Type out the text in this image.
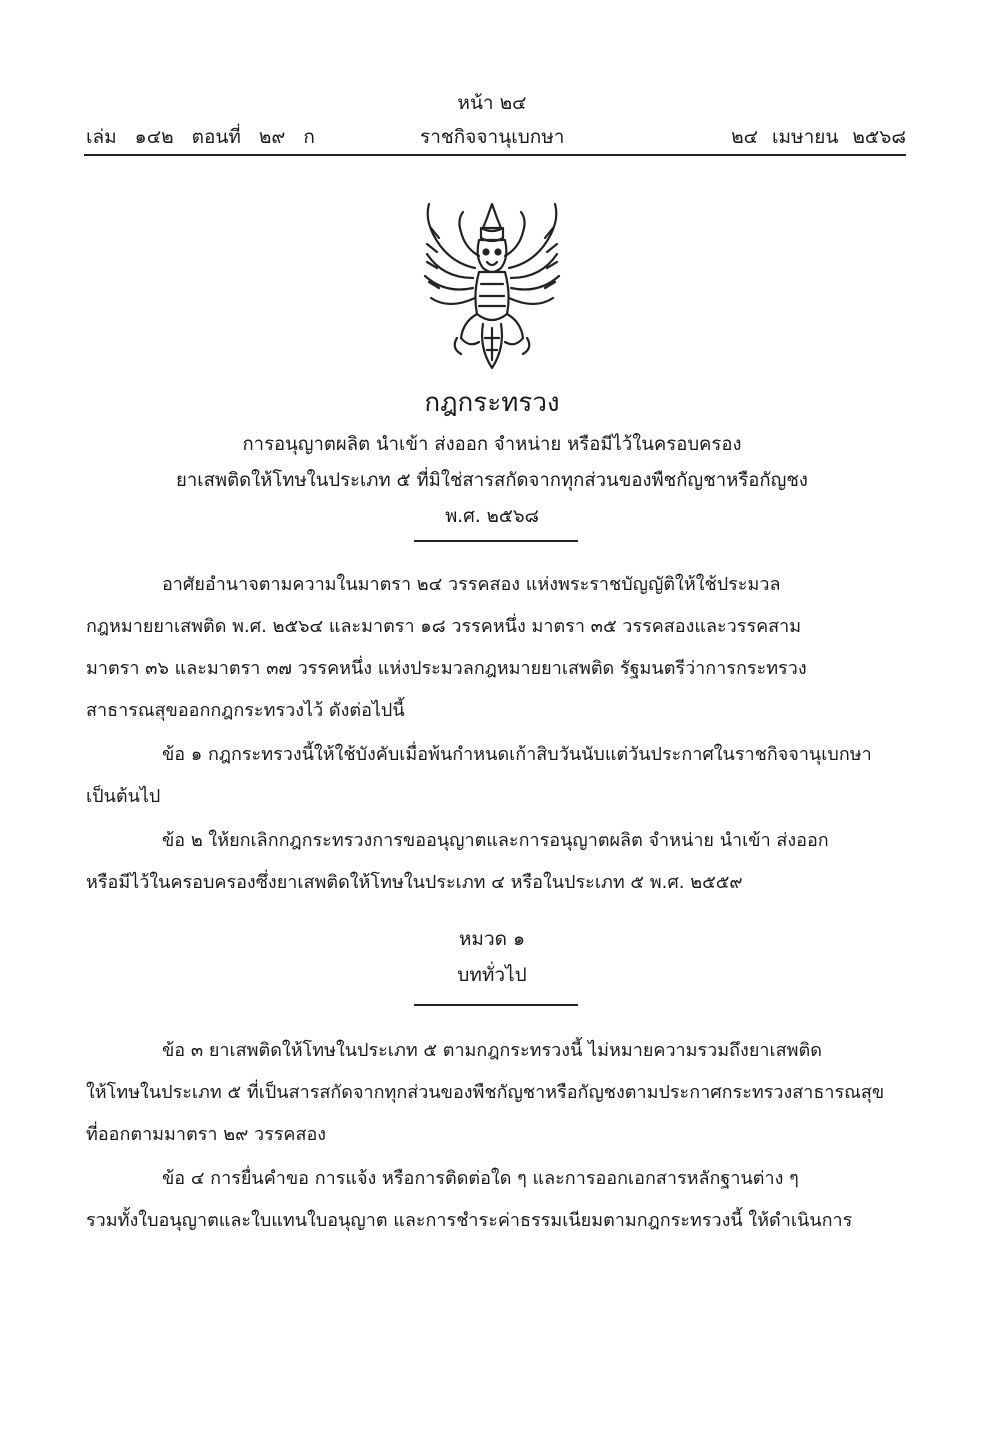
หน้า ๒๔
เล่ม ๑๔๒ ตอนที่ ๒๙ ก	ราชกิจจานุเบกษา	๒๔ เมษายน ๒๕๖๘
กฎกระทรวง
การอนุญาตผลิต นำเข้า ส่งออก จำหน่าย หรือมีไว้ในครอบครอง
ยาเสพติดให้โทษในประเภท ๕ ที่มิใช่สารสกัดจากทุกส่วนของพืชกัญชาหรือกัญชง
พ.ศ. ๒๕๖๘
อาศัยอำนาจตามความในมาตรา ๒๔ วรรคสอง แห่งพระราชบัญญัติให้ใช้ประมวล
กฎหมายยาเสพติด พ.ศ. ๒๕๖๔ และมาตรา ๑๘ วรรคหนึ่ง มาตรา ๓๕ วรรคสองและวรรคสาม
มาตรา ๓๖ และมาตรา ๓๗ วรรคหนึ่ง แห่งประมวลกฎหมายยาเสพติด รัฐมนตรีว่าการกระทรวง
สาธารณสุขออกกฎกระทรวงไว้ ดังต่อไปนี้
ข้อ ๑ กฎกระทรวงนี้ให้ใช้บังคับเมื่อพ้นกำหนดเก้าสิบวันนับแต่วันประกาศในราชกิจจานุเบกษา
เป็นต้นไป
ข้อ ๒ ให้ยกเลิกกฎกระทรวงการขออนุญาตและการอนุญาตผลิต จำหน่าย นำเข้า ส่งออก
หรือมีไว้ในครอบครองซึ่งยาเสพติดให้โทษในประเภท ๔ หรือในประเภท ๕ พ.ศ. ๒๕๕๙
หมวด ๑
บททั่วไป
ข้อ ๓ ยาเสพติดให้โทษในประเภท ๕ ตามกฎกระทรวงนี้ ไม่หมายความรวมถึงยาเสพติด
ให้โทษในประเภท ๕ ที่เป็นสารสกัดจากทุกส่วนของพืชกัญชาหรือกัญชงตามประกาศกระทรวงสาธารณสุข
ที่ออกตามมาตรา ๒๙ วรรคสอง
ข้อ ๔ การยื่นคำขอ การแจ้ง หรือการติดต่อใด ๆ และการออกเอกสารหลักฐานต่าง ๆ
รวมทั้งใบอนุญาตและใบแทนใบอนุญาต และการชำระค่าธรรมเนียมตามกฎกระทรวงนี้ ให้ดำเนินการ
